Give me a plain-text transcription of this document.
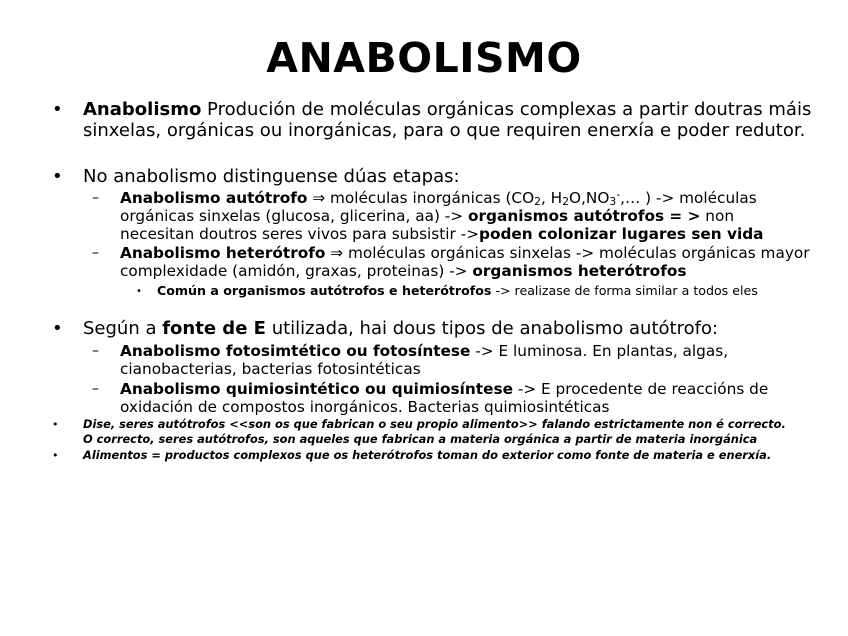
ANABOLISMO
• Anabolismo Produción de moléculas orgánicas complexas a partir doutras máis sinxelas, orgánicas ou inorgánicas, para o que requiren enerxía e poder redutor.
• No anabolismo distinguense dúas etapas:
– Anabolismo autótrofo ⇒ moléculas inorgánicas ($CO_2$, $H_2O,NO_3^-,\dots$ ) -> moléculas orgánicas sinxelas (glucosa, glicerina, aa) -> organismos autótrofos = > non necesitan doutros seres vivos para subsistir ->poden colonizar lugares sen vida
– Anabolismo heterótrofo ⇒ moléculas orgánicas sinxelas -> moléculas orgánicas mayor complexidade (amidón, graxas, proteinas) -> organismos heterótrofos
• Común a organismos autótrofos e heterótrofos -> realizase de forma similar a todos eles
• Según a fonte de E utilizada, hai dous tipos de anabolismo autótrofo:
– Anabolismo fotosimtético ou fotosíntese -> E luminosa. En plantas, algas, cianobacterias, bacterias fotosintéticas
– Anabolismo quimiosintético ou quimiosíntese -> E procedente de reaccións de oxidación de compostos inorgánicos. Bacterias quimiosintéticas
• Dise, seres autótrofos <<son os que fabrican o seu propio alimento>> falando estrictamente non é correcto.
O correcto, seres autótrofos, son aqueles que fabrican a materia orgánica a partir de materia inorgánica
• Alimentos = productos complexos que os heterótrofos toman do exterior como fonte de materia e enerxía.
